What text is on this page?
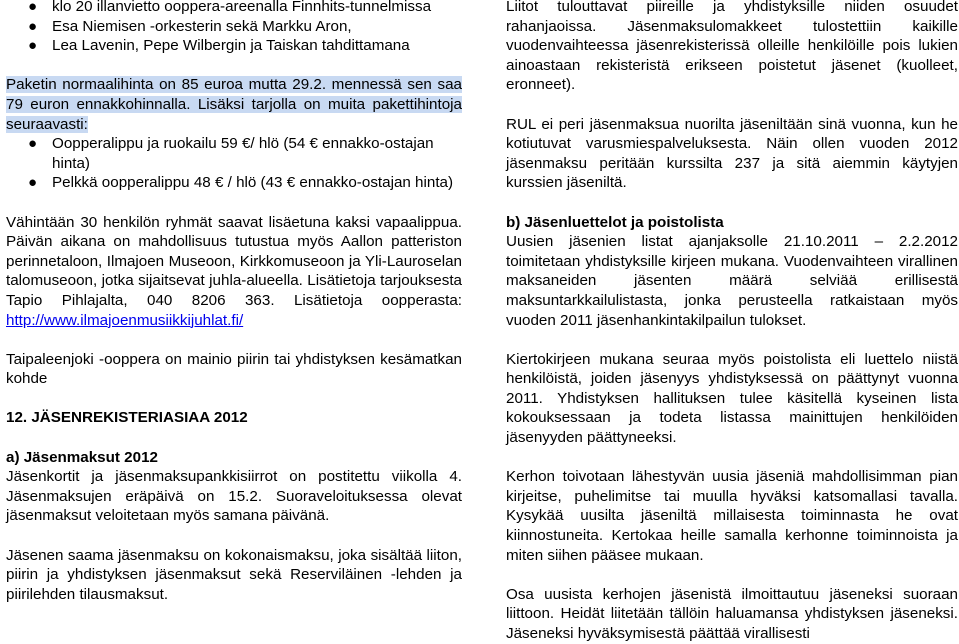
● klo 20 illanvietto ooppera-areenalla Finnhits-tunnelmissa
● Esa Niemisen -orkesterin sekä Markku Aron,
● Lea Lavenin, Pepe Wilbergin ja Taiskan tahdittamana

Paketin normaalihinta on 85 euroa mutta 29.2. mennessä sen saa 79 euron ennakkohinnalla. Lisäksi tarjolla on muita pakettihintoja seuraavasti:

● Oopperalippu ja ruokailu 59 €/ hlö (54 € ennakko-ostajan hinta)
● Pelkkä oopperalippu 48 € / hlö (43 € ennakko-ostajan hinta)

Vähintään 30 henkilön ryhmät saavat lisäetuna kaksi vapaalippua. Päivän aikana on mahdollisuus tutustua myös Aallon patteriston perinnetaloon, Ilmajoen Museoon, Kirkkomuseoon ja Yli-Lauroselan talomuseoon, jotka sijaitsevat juhla-alueella. Lisätietoja tarjouksesta Tapio Pihlajalta, 040 8206 363. Lisätietoja oopperasta: http://www.ilmajoenmusiikkijuhlat.fi/

Taipaleenjoki -ooppera on mainio piirin tai yhdistyksen kesämatkan kohde

12. JÄSENREKISTERIASIAA 2012

a) Jäsenmaksut 2012

Jäsenkortit ja jäsenmaksupankkisiirrot on postitettu viikolla 4. Jäsenmaksujen eräpäivä on 15.2. Suoraveloituksessa olevat jäsenmaksut veloitetaan myös samana päivänä.

Jäsenen saama jäsenmaksu on kokonaismaksu, joka sisältää liiton, piirin ja yhdistyksen jäsenmaksut sekä Reserviläinen -lehden ja piirilehden tilausmaksut.

Liitot tulouttavat piireille ja yhdistyksille niiden osuudet rahanjaoissa. Jäsenmaksulomakkeet tulostettiin kaikille vuodenvaihteessa jäsenrekisterissä olleille henkilöille pois lukien ainoastaan rekisteristä erikseen poistetut jäsenet (kuolleet, eronneet).

RUL ei peri jäsenmaksua nuorilta jäseniltään sinä vuonna, kun he kotiutuvat varusmiespalveluksesta. Näin ollen vuoden 2012 jäsenmaksu peritään kurssilta 237 ja sitä aiemmin käytyjen kurssien jäseniltä.

b) Jäsenluettelot ja poistolista

Uusien jäsenien listat ajanjaksolle 21.10.2011 – 2.2.2012 toimitetaan yhdistyksille kirjeen mukana. Vuodenvaihteen virallinen maksaneiden jäsenten määrä selviää erillisestä maksuntarkkailulistasta, jonka perusteella ratkaistaan myös vuoden 2011 jäsenhankintakilpailun tulokset.

Kiertokirjeen mukana seuraa myös poistolista eli luettelo niistä henkilöistä, joiden jäsenyys yhdistyksessä on päättynyt vuonna 2011. Yhdistyksen hallituksen tulee käsitellä kyseinen lista kokouksessaan ja todeta listassa mainittujen henkilöiden jäsenyyden päättyneeksi.

Kerhon toivotaan lähestyvän uusia jäseniä mahdollisimman pian kirjeitse, puhelimitse tai muulla hyväksi katsomallasi tavalla. Kysykää uusilta jäseniltä millaisesta toiminnasta he ovat kiinnostuneita. Kertokaa heille samalla kerhonne toiminnoista ja miten siihen pääsee mukaan.

Osa uusista kerhojen jäsenistä ilmoittautuu jäseneksi suoraan liittoon. Heidät liitetään tällöin haluamansa yhdistyksen jäseneksi. Jäseneksi hyväksymisestä päättää virallisesti
